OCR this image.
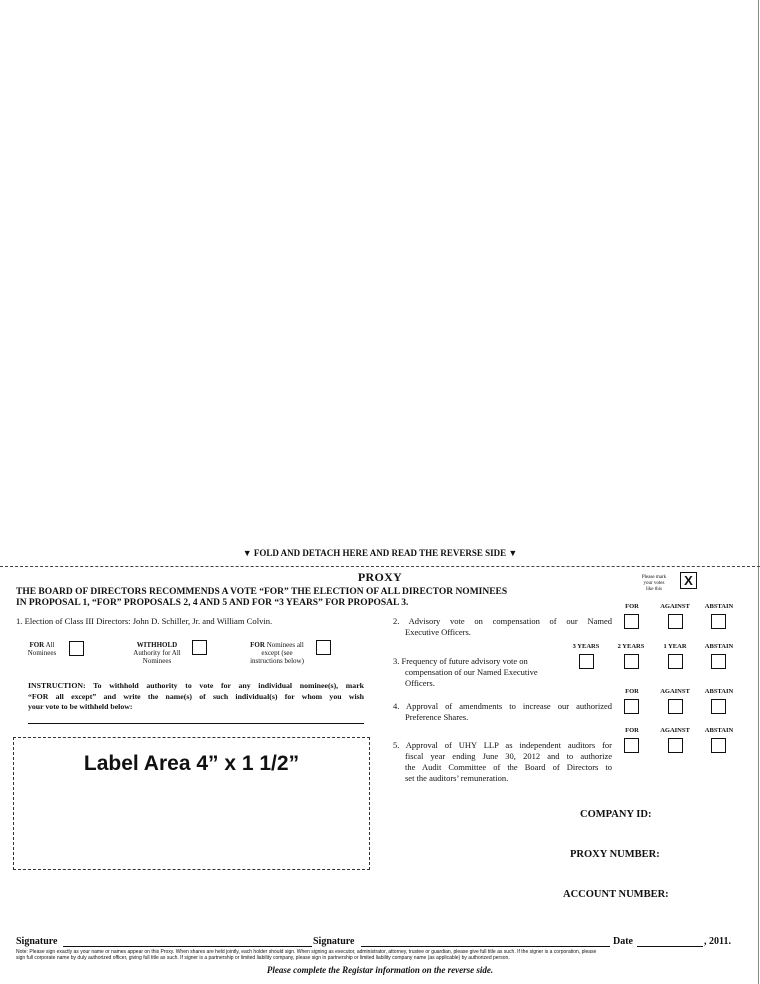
▼ FOLD AND DETACH HERE AND READ THE REVERSE SIDE ▼
PROXY	Please mark
your votes
like this
X
THE BOARD OF DIRECTORS RECOMMENDS A VOTE “FOR” THE ELECTION OF ALL DIRECTOR NOMINEES
IN PROPOSAL 1, “FOR” PROPOSALS 2, 4 AND 5 AND FOR “3 YEARS” FOR PROPOSAL 3.
1. Election of Class III Directors: John D. Schiller, Jr. and William Colvin.
FOR All
Nominees
WITHHOLD
Authority for All
Nominees
FOR Nominees all
except (see
instructions below)
INSTRUCTION: To withhold authority to vote for any individual nominee(s), mark
“FOR all except” and write the name(s) of such individual(s) for whom you wish
your vote to be withheld below:
Label Area 4” x 1 1/2”
FOR	AGAINST ABSTAIN
2. Advisory vote on compensation of our Named
Executive Officers.
3 YEARS	2 YEARS	1 YEAR	ABSTAIN
3. Frequency of future advisory vote on
compensation of our Named Executive
Officers.
FOR	AGAINST ABSTAIN
4. Approval of amendments to increase our authorized
Preference Shares.
FOR	AGAINST ABSTAIN
5. Approval of UHY LLP as independent auditors for
fiscal year ending June 30, 2012 and to authorize
the Audit Committee of the Board of Directors to
set the auditors’ remuneration.
COMPANY ID:
PROXY NUMBER:
ACCOUNT NUMBER:
Signature	Signature	Date	, 2011.
Note: Please sign exactly as your name or names appear on this Proxy. When shares are held jointly, each holder should sign. When signing as executor, administrator, attorney, trustee or guardian, please give full title as such. If the signer is a corporation, please
sign full corporate name by duly authorized officer, giving full title as such. If signer is a partnership or limited liability company, please sign in partnership or limited liability company name (as applicable) by authorized person.
Please complete the Registar information on the reverse side.
